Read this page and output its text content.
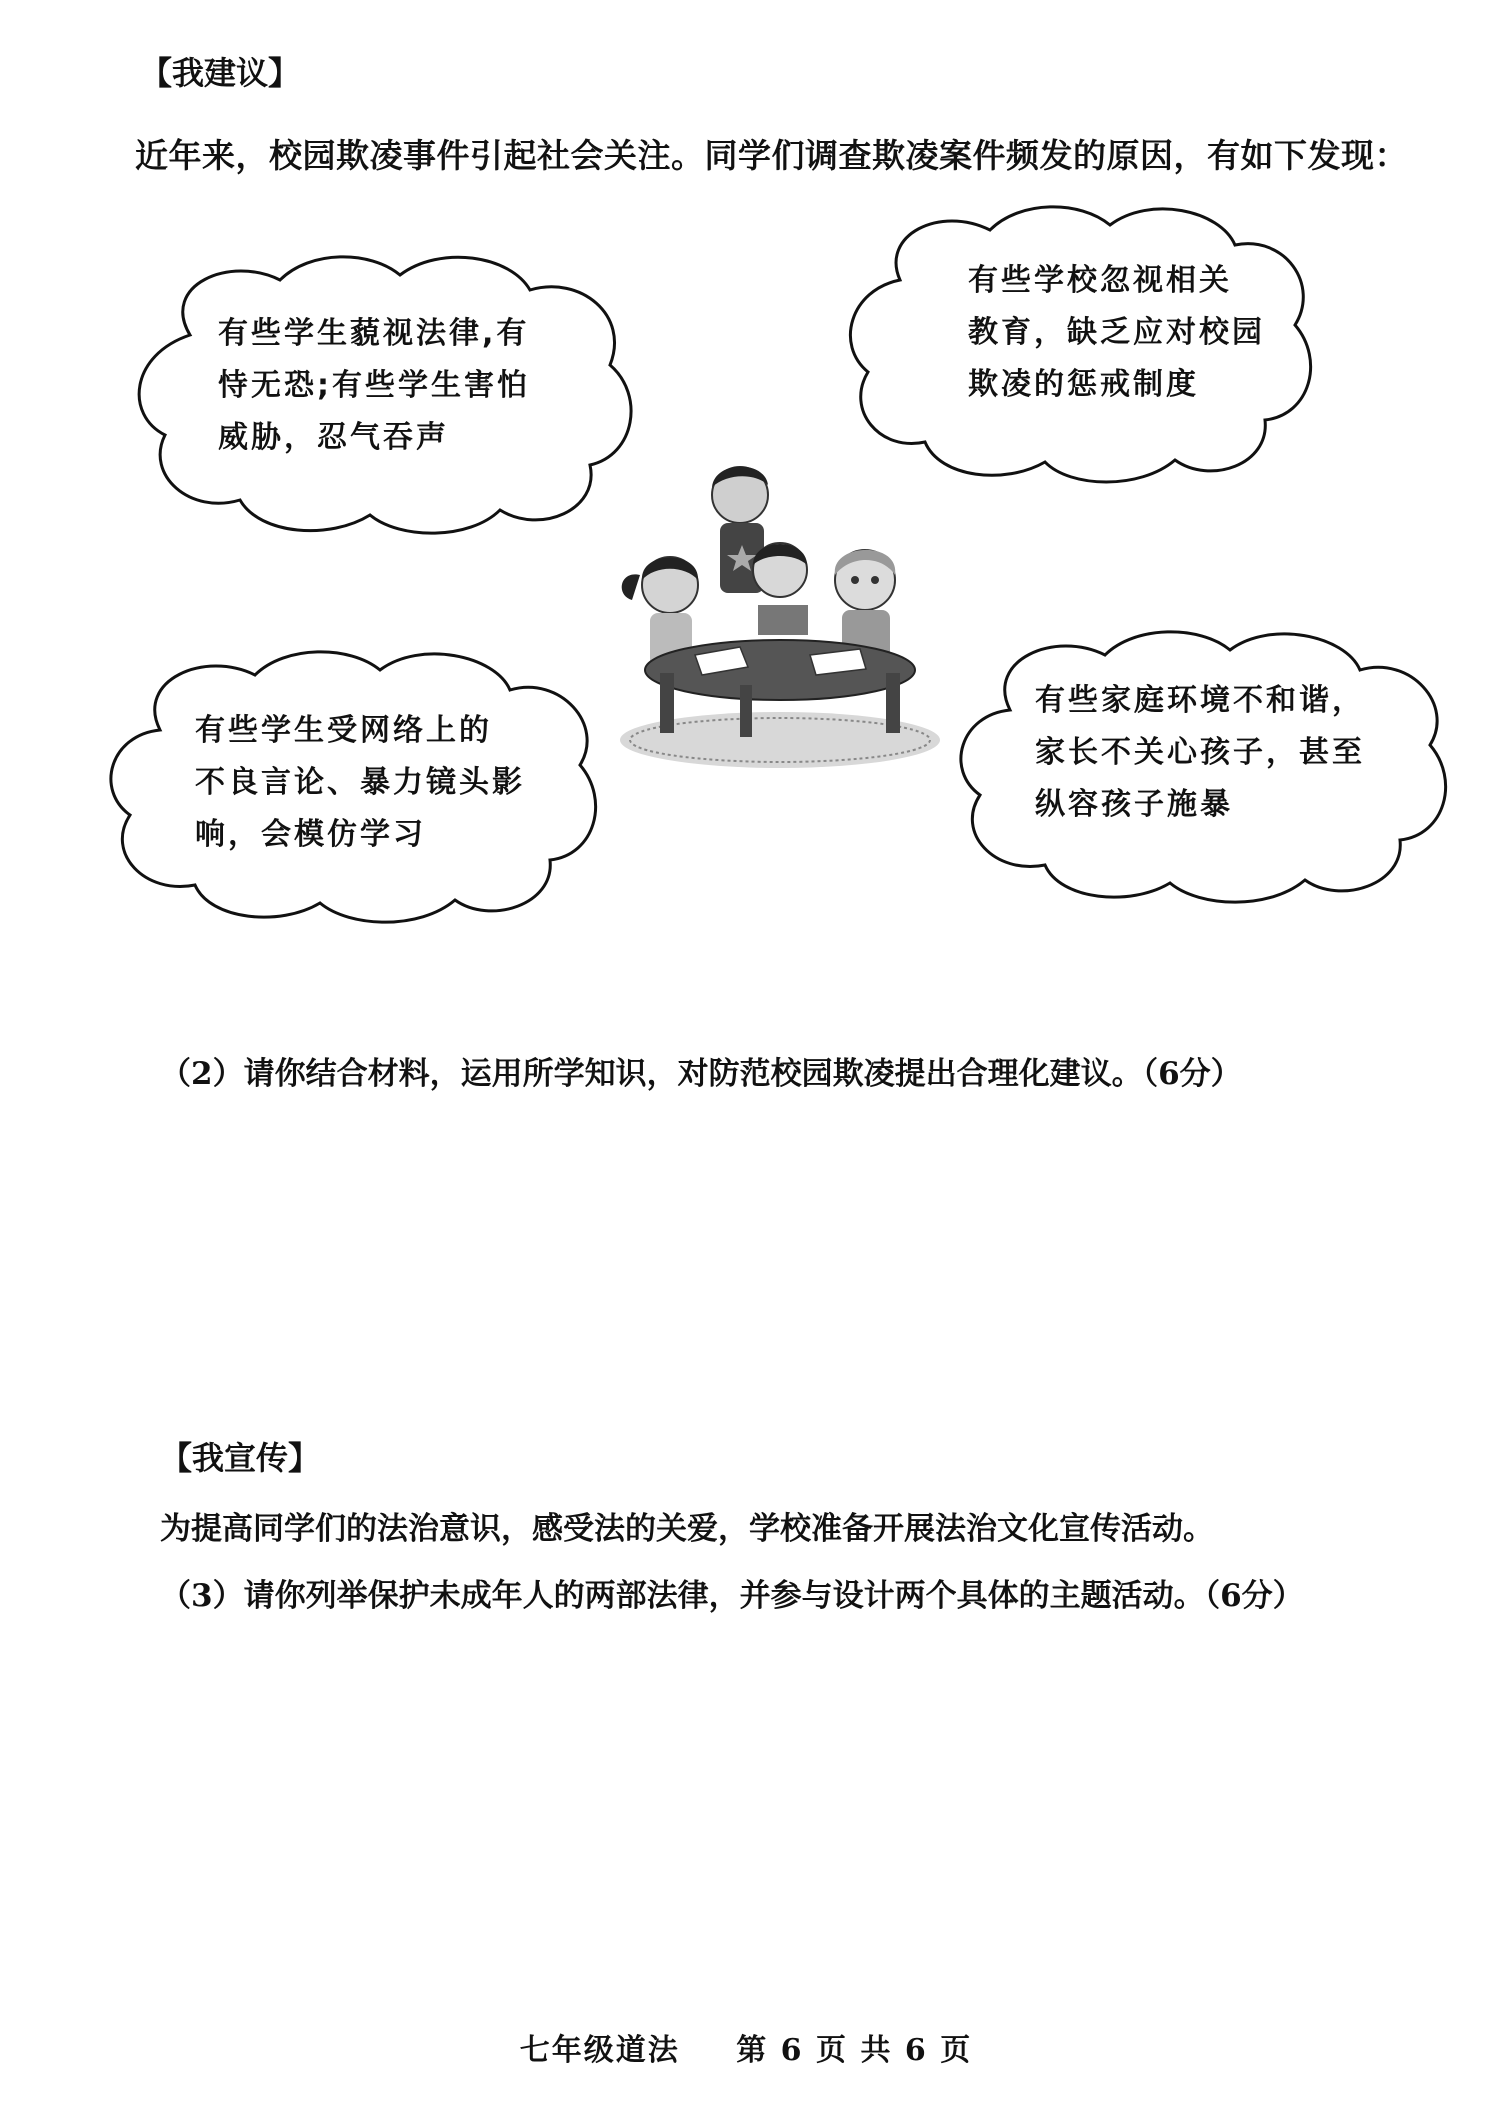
【我建议】
近年来，校园欺凌事件引起社会关注。同学们调查欺凌案件频发的原因，有如下发现：
有些学生藐视法律,有
恃无恐;有些学生害怕
威胁，忍气吞声
有些学校忽视相关
教育，缺乏应对校园
欺凌的惩戒制度
有些学生受网络上的
不良言论、暴力镜头影
响，会模仿学习
有些家庭环境不和谐，
家长不关心孩子，甚至
纵容孩子施暴
（2）请你结合材料，运用所学知识，对防范校园欺凌提出合理化建议。（6分）
【我宣传】
为提高同学们的法治意识，感受法的关爱，学校准备开展法治文化宣传活动。
（3）请你列举保护未成年人的两部法律，并参与设计两个具体的主题活动。（6分）
七年级道法 第 6 页 共 6 页
